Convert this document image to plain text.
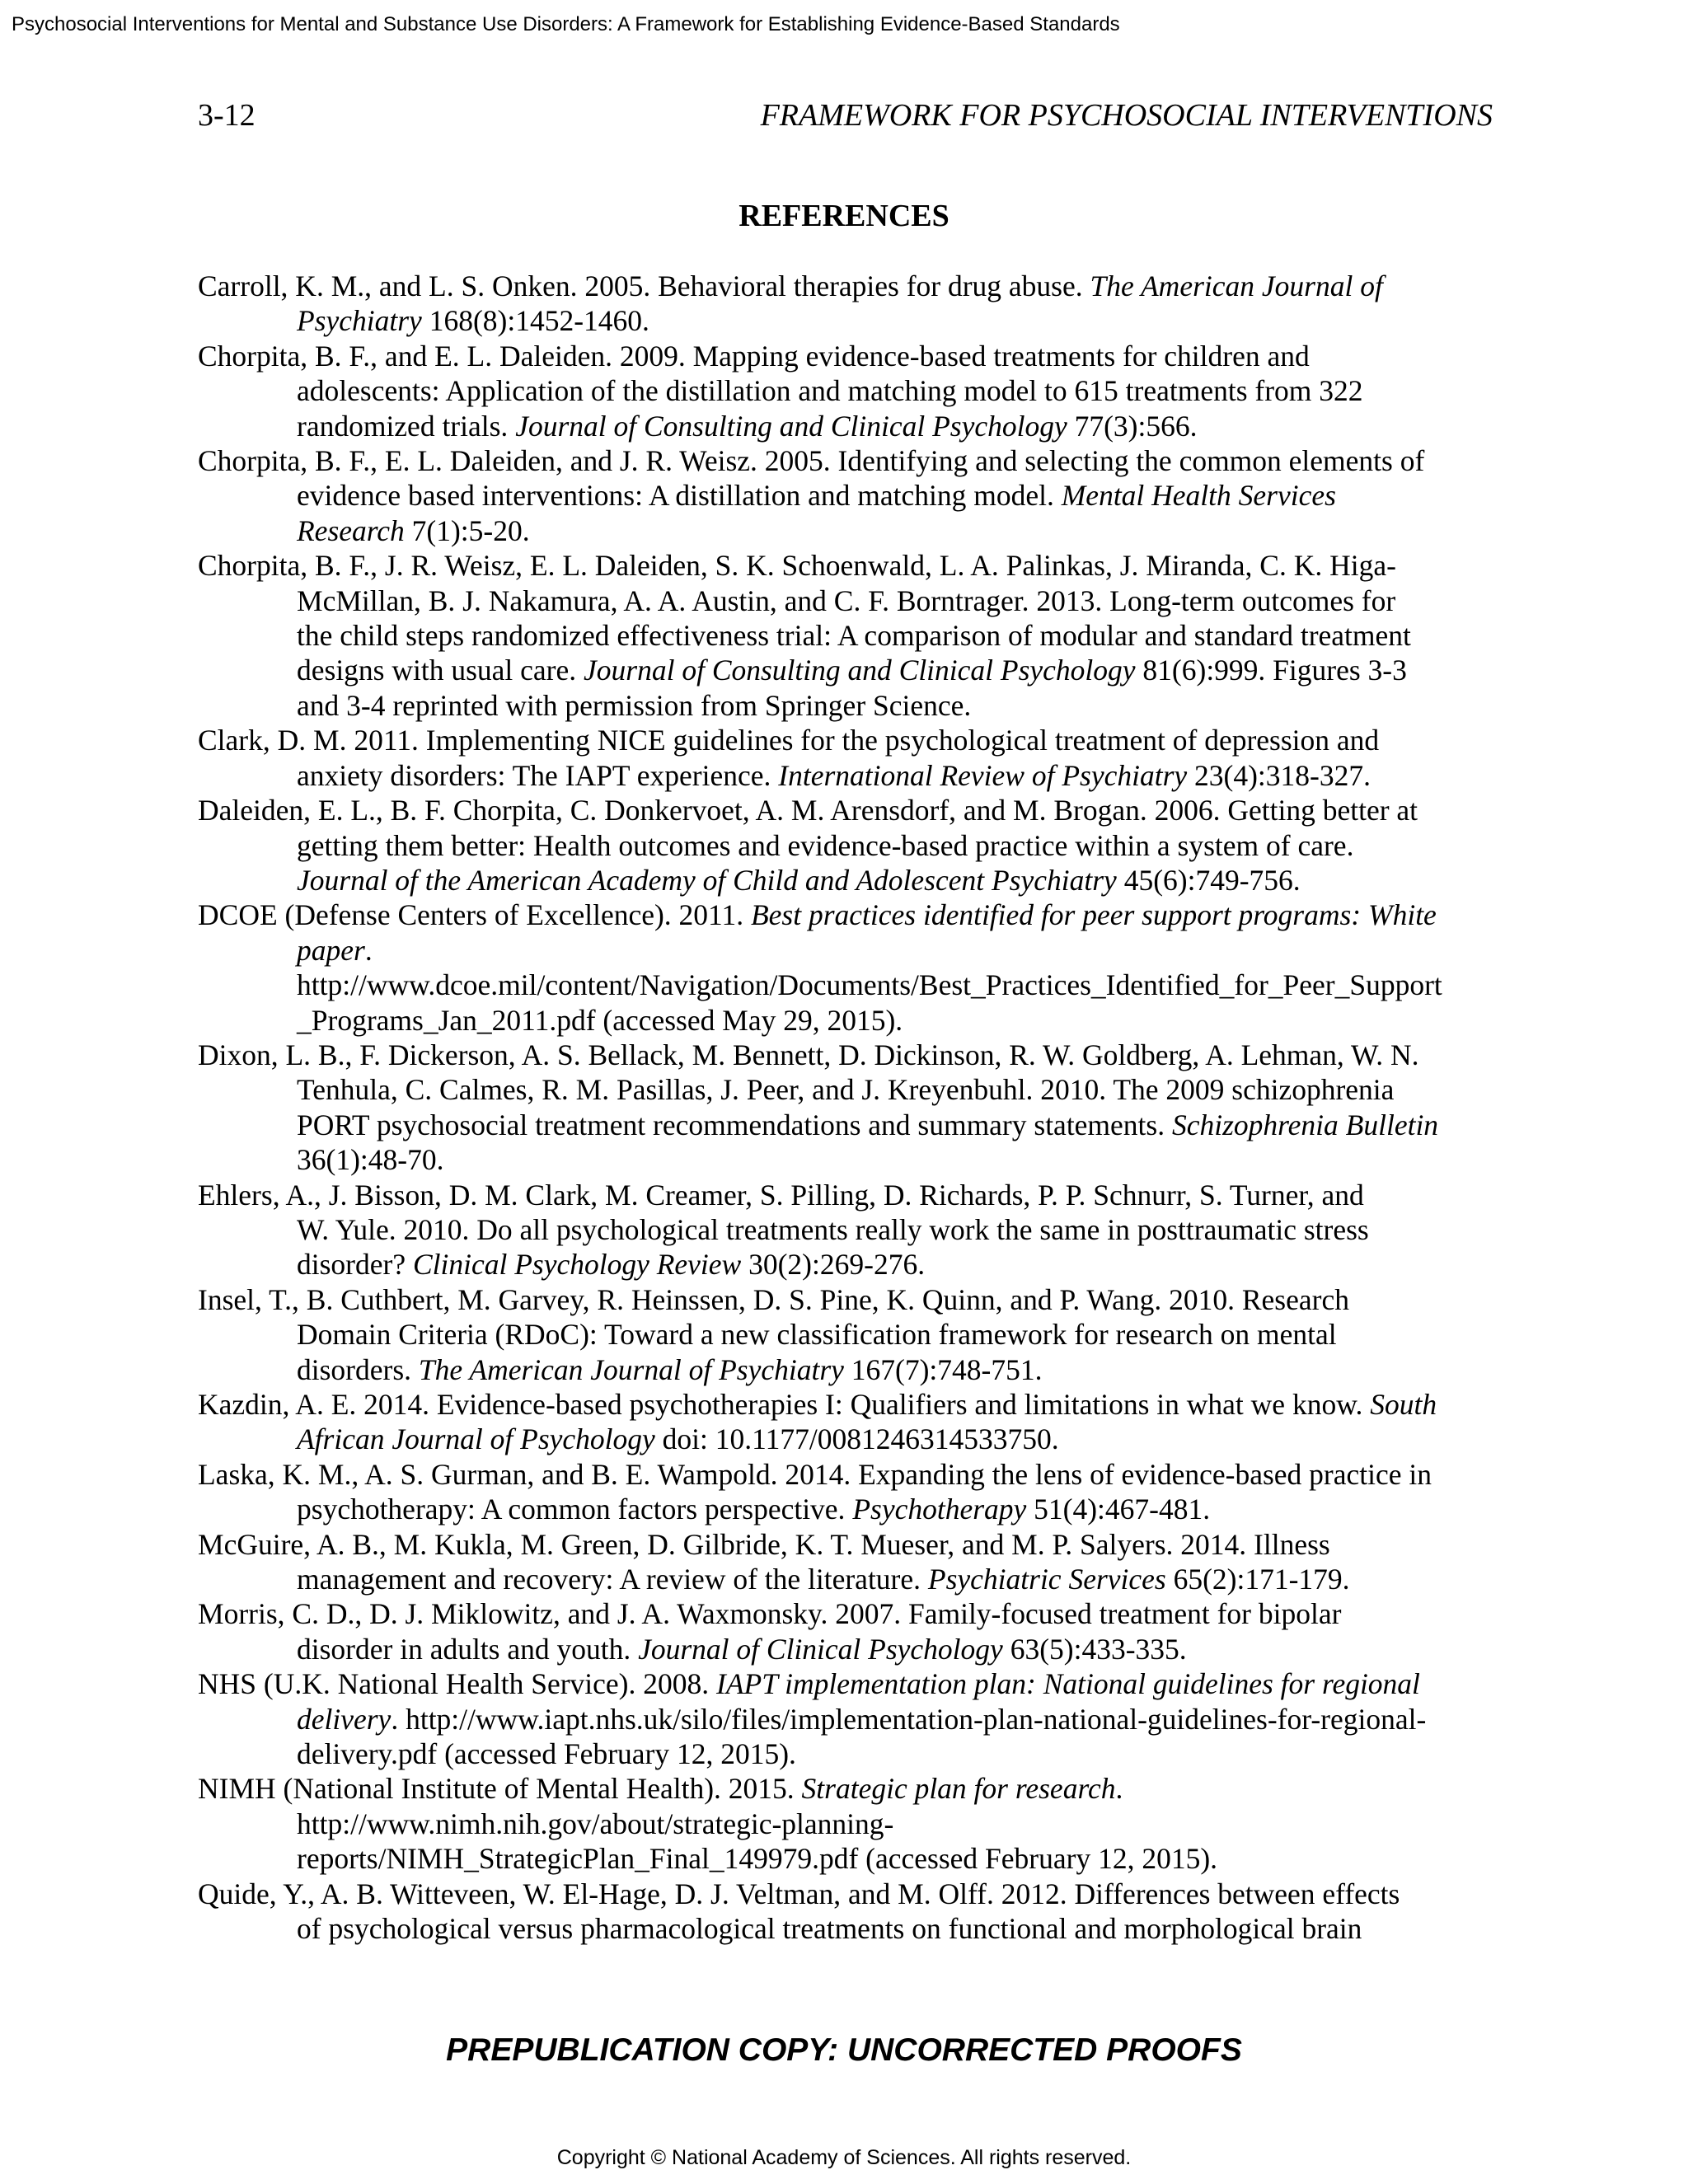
Psychosocial Interventions for Mental and Substance Use Disorders: A Framework for Establishing Evidence-Based Standards
3-12	FRAMEWORK FOR PSYCHOSOCIAL INTERVENTIONS
REFERENCES
Carroll, K. M., and L. S. Onken. 2005. Behavioral therapies for drug abuse. The American Journal of
Psychiatry 168(8):1452-1460.
Chorpita, B. F., and E. L. Daleiden. 2009. Mapping evidence-based treatments for children and
adolescents: Application of the distillation and matching model to 615 treatments from 322
randomized trials. Journal of Consulting and Clinical Psychology 77(3):566.
Chorpita, B. F., E. L. Daleiden, and J. R. Weisz. 2005. Identifying and selecting the common elements of
evidence based interventions: A distillation and matching model. Mental Health Services
Research 7(1):5-20.
Chorpita, B. F., J. R. Weisz, E. L. Daleiden, S. K. Schoenwald, L. A. Palinkas, J. Miranda, C. K. Higa-
McMillan, B. J. Nakamura, A. A. Austin, and C. F. Borntrager. 2013. Long-term outcomes for
the child steps randomized effectiveness trial: A comparison of modular and standard treatment
designs with usual care. Journal of Consulting and Clinical Psychology 81(6):999. Figures 3-3
and 3-4 reprinted with permission from Springer Science.
Clark, D. M. 2011. Implementing NICE guidelines for the psychological treatment of depression and
anxiety disorders: The IAPT experience. International Review of Psychiatry 23(4):318-327.
Daleiden, E. L., B. F. Chorpita, C. Donkervoet, A. M. Arensdorf, and M. Brogan. 2006. Getting better at
getting them better: Health outcomes and evidence-based practice within a system of care.
Journal of the American Academy of Child and Adolescent Psychiatry 45(6):749-756.
DCOE (Defense Centers of Excellence). 2011. Best practices identified for peer support programs: White
paper.
http://www.dcoe.mil/content/Navigation/Documents/Best_Practices_Identified_for_Peer_Support
_Programs_Jan_2011.pdf (accessed May 29, 2015).
Dixon, L. B., F. Dickerson, A. S. Bellack, M. Bennett, D. Dickinson, R. W. Goldberg, A. Lehman, W. N.
Tenhula, C. Calmes, R. M. Pasillas, J. Peer, and J. Kreyenbuhl. 2010. The 2009 schizophrenia
PORT psychosocial treatment recommendations and summary statements. Schizophrenia Bulletin
36(1):48-70.
Ehlers, A., J. Bisson, D. M. Clark, M. Creamer, S. Pilling, D. Richards, P. P. Schnurr, S. Turner, and
W. Yule. 2010. Do all psychological treatments really work the same in posttraumatic stress
disorder? Clinical Psychology Review 30(2):269-276.
Insel, T., B. Cuthbert, M. Garvey, R. Heinssen, D. S. Pine, K. Quinn, and P. Wang. 2010. Research
Domain Criteria (RDoC): Toward a new classification framework for research on mental
disorders. The American Journal of Psychiatry 167(7):748-751.
Kazdin, A. E. 2014. Evidence-based psychotherapies I: Qualifiers and limitations in what we know. South
African Journal of Psychology doi: 10.1177/0081246314533750.
Laska, K. M., A. S. Gurman, and B. E. Wampold. 2014. Expanding the lens of evidence-based practice in
psychotherapy: A common factors perspective. Psychotherapy 51(4):467-481.
McGuire, A. B., M. Kukla, M. Green, D. Gilbride, K. T. Mueser, and M. P. Salyers. 2014. Illness
management and recovery: A review of the literature. Psychiatric Services 65(2):171-179.
Morris, C. D., D. J. Miklowitz, and J. A. Waxmonsky. 2007. Family-focused treatment for bipolar
disorder in adults and youth. Journal of Clinical Psychology 63(5):433-335.
NHS (U.K. National Health Service). 2008. IAPT implementation plan: National guidelines for regional
delivery. http://www.iapt.nhs.uk/silo/files/implementation-plan-national-guidelines-for-regional-
delivery.pdf (accessed February 12, 2015).
NIMH (National Institute of Mental Health). 2015. Strategic plan for research.
http://www.nimh.nih.gov/about/strategic-planning-
reports/NIMH_StrategicPlan_Final_149979.pdf (accessed February 12, 2015).
Quide, Y., A. B. Witteveen, W. El-Hage, D. J. Veltman, and M. Olff. 2012. Differences between effects
of psychological versus pharmacological treatments on functional and morphological brain
PREPUBLICATION COPY: UNCORRECTED PROOFS
Copyright © National Academy of Sciences. All rights reserved.
